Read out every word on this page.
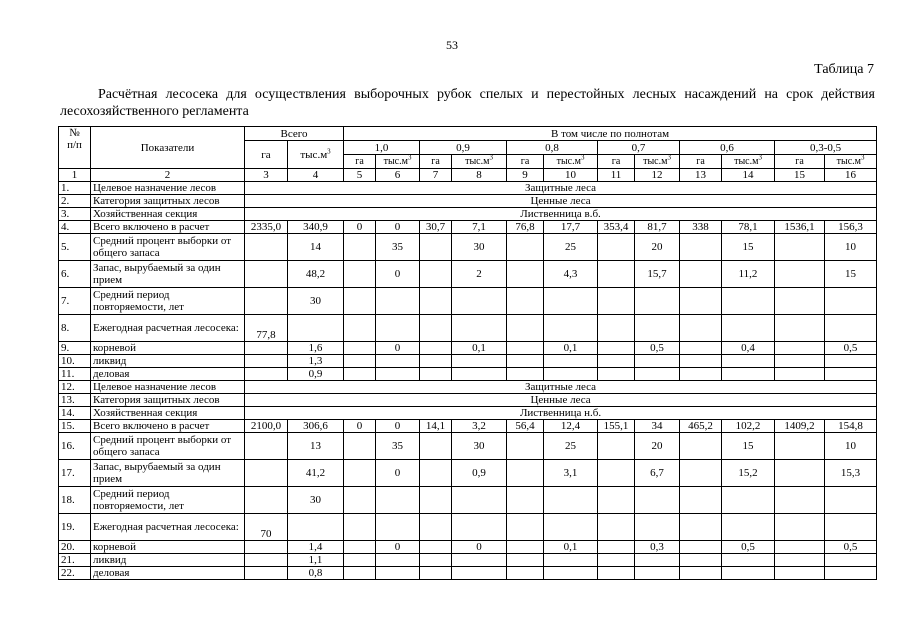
53
Таблица 7
Расчётная лесосека для осуществления выборочных рубок спелых и перестойных лесных насаждений на срок действия лесохозяйственного регламента
№
п/п	Показатели	Всего		В том числе по полнотам											
		га	$тыс.м^3$	1,0		0,9		0,8		0,7		0,6		0,3-0,5	
				га	$тыс.м^3$	га	$тыс.м^3$	га	$тыс.м^3$	га	$тыс.м^3$	га	$тыс.м^3$	га	$тыс.м^3$
1	2	3	4	5	6	7	8	9	10	11	12	13	14	15	16
1.	Целевое назначение лесов	Защитные леса													
2.	Категория защитных лесов	Ценные леса													
3.	Хозяйственная секция	Лиственница в.б.													
4.	Всего включено в расчет	2335,0	340,9	0	0	30,7	7,1	76,8	17,7	353,4	81,7	338	78,1	1536,1	156,3
5.	Средний процент выборки от общего запаса		14		35		30		25		20		15		10
6.	Запас, вырубаемый за один прием		48,2		0		2		4,3		15,7		11,2		15
7.	Средний период повторяемости, лет		30												
8.	Ежегодная расчетная лесосека:	77,8													
9.	корневой		1,6		0		0,1		0,1		0,5		0,4		0,5
10.	ликвид		1,3												
11.	деловая		0,9												
12.	Целевое назначение лесов	Защитные леса													
13.	Категория защитных лесов	Ценные леса													
14.	Хозяйственная секция	Лиственница н.б.													
15.	Всего включено в расчет	2100,0	306,6	0	0	14,1	3,2	56,4	12,4	155,1	34	465,2	102,2	1409,2	154,8
16.	Средний процент выборки от общего запаса		13		35		30		25		20		15		10
17.	Запас, вырубаемый за один прием		41,2		0		0,9		3,1		6,7		15,2		15,3
18.	Средний период повторяемости, лет		30												
19.	Ежегодная расчетная лесосека:	70													
20.	корневой		1,4		0		0		0,1		0,3		0,5		0,5
21.	ликвид		1,1												
22.	деловая		0,8												
